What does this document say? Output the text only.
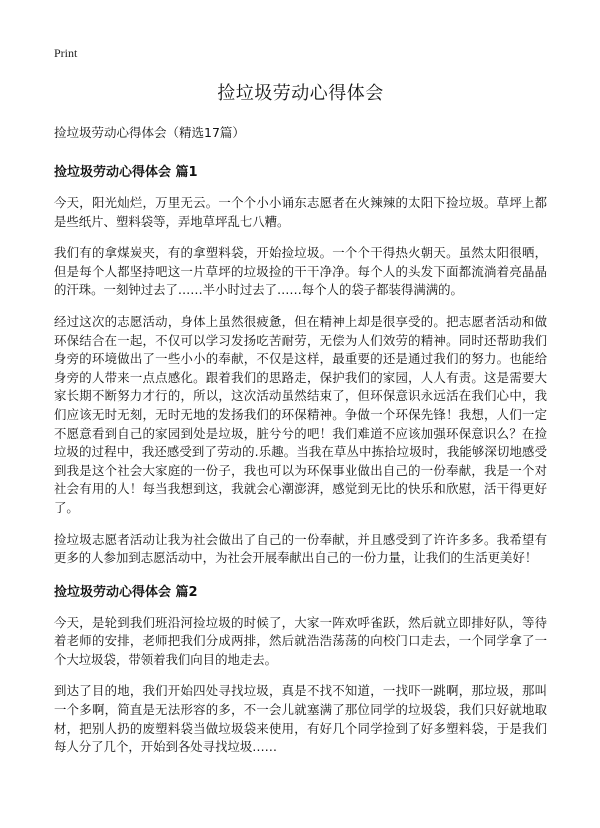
Print
捡垃圾劳动心得体会

捡垃圾劳动心得体会（精选17篇）

捡垃圾劳动心得体会 篇1

今天，阳光灿烂，万里无云。一个个小小诵东志愿者在火辣辣的太阳下捡垃圾。草坪上都是些纸片、塑料袋等，弄地草坪乱七八糟。

我们有的拿煤炭夹，有的拿塑料袋，开始捡垃圾。一个个干得热火朝天。虽然太阳很晒，但是每个人都坚持吧这一片草坪的垃圾捡的干干净净。每个人的头发下面都流淌着亮晶晶的汗珠。一刻钟过去了……半小时过去了……每个人的袋子都装得满满的。

经过这次的志愿活动，身体上虽然很疲惫，但在精神上却是很享受的。把志愿者活动和做环保结合在一起，不仅可以学习发扬吃苦耐劳，无偿为人们效劳的精神。同时还帮助我们身旁的环境做出了一些小小的奉献，不仅是这样，最重要的还是通过我们的努力。也能给身旁的人带来一点点感化。跟着我们的思路走，保护我们的家园，人人有责。这是需要大家长期不断努力才行的，所以，这次活动虽然结束了，但环保意识永远活在我们心中，我们应该无时无刻，无时无地的发扬我们的环保精神。争做一个环保先锋！我想，人们一定不愿意看到自己的家园到处是垃圾，脏兮兮的吧！我们难道不应该加强环保意识么？在捡垃圾的过程中，我还感受到了劳动的.乐趣。当我在草丛中拣拾垃圾时，我能够深切地感受到我是这个社会大家庭的一份子，我也可以为环保事业做出自己的一份奉献，我是一个对社会有用的人！每当我想到这，我就会心潮澎湃，感觉到无比的快乐和欣慰，活干得更好了。

捡垃圾志愿者活动让我为社会做出了自己的一份奉献，并且感受到了许许多多。我希望有更多的人参加到志愿活动中，为社会开展奉献出自己的一份力量，让我们的生活更美好！

捡垃圾劳动心得体会 篇2

今天，是轮到我们班沿河捡垃圾的时候了，大家一阵欢呼雀跃，然后就立即排好队，等待着老师的安排，老师把我们分成两排，然后就浩浩荡荡的向校门口走去，一个同学拿了一个大垃圾袋，带领着我们向目的地走去。

到达了目的地，我们开始四处寻找垃圾，真是不找不知道，一找吓一跳啊，那垃圾，那叫一个多啊，简直是无法形容的多，不一会儿就塞满了那位同学的垃圾袋，我们只好就地取材，把别人扔的废塑料袋当做垃圾袋来使用，有好几个同学捡到了好多塑料袋，于是我们每人分了几个，开始到各处寻找垃圾……
